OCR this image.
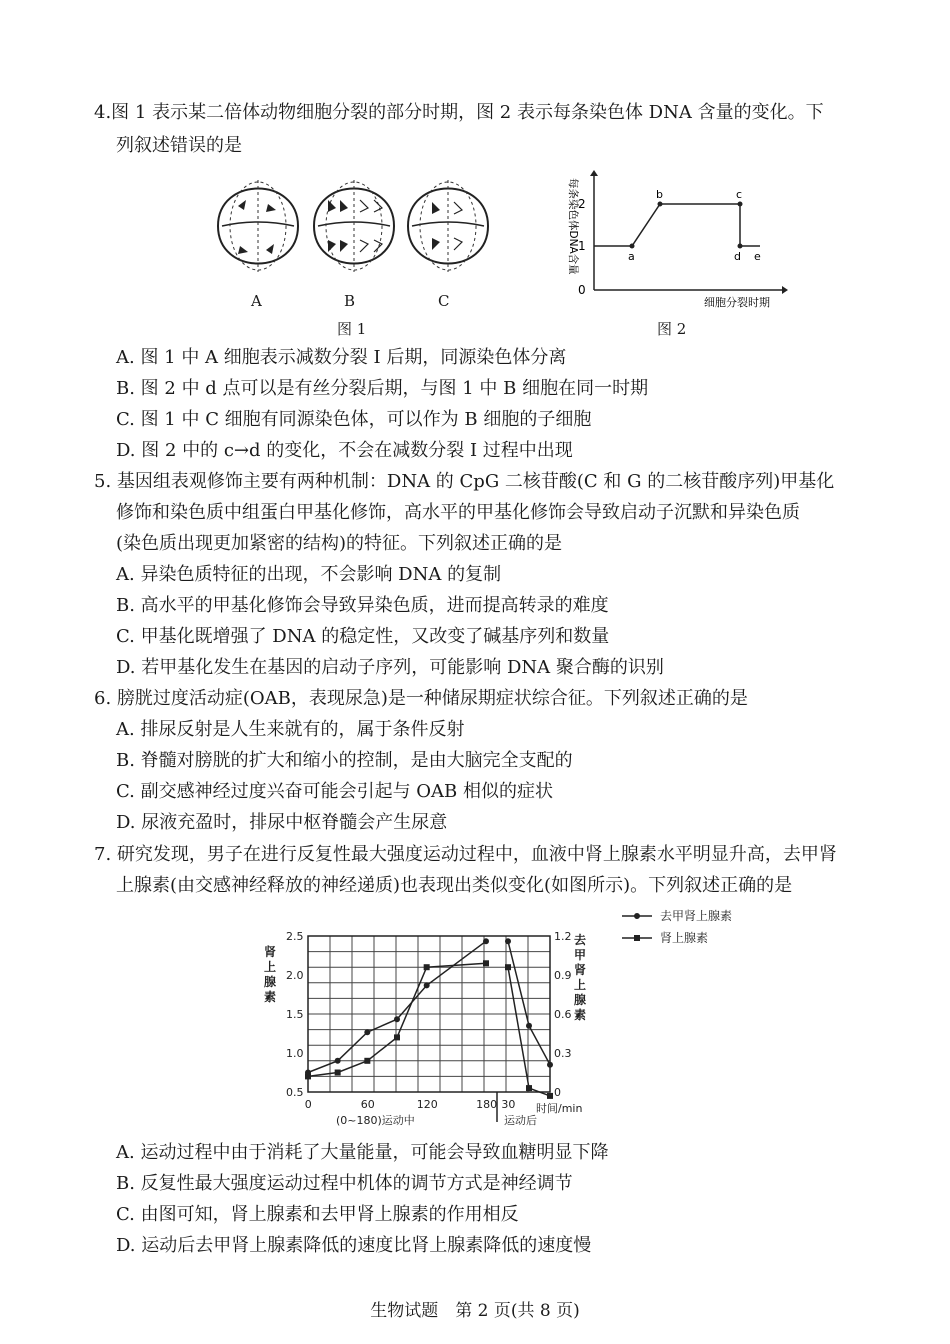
4.图 1 表示某二倍体动物细胞分裂的部分时期，图 2 表示每条染色体 DNA 含量的变化。下
列叙述错误的是
A	B	C
图 1
0
1
2
a
b	c
d e
细胞分裂时期
每条染色体DNA含量
图 2
A. 图 1 中 A 细胞表示减数分裂 Ⅰ 后期，同源染色体分离
B. 图 2 中 d 点可以是有丝分裂后期，与图 1 中 B 细胞在同一时期
C. 图 1 中 C 细胞有同源染色体，可以作为 B 细胞的子细胞
D. 图 2 中的 c→d 的变化，不会在减数分裂 Ⅰ 过程中出现
5. 基因组表观修饰主要有两种机制：DNA 的 CpG 二核苷酸(C 和 G 的二核苷酸序列)甲基化
修饰和染色质中组蛋白甲基化修饰，高水平的甲基化修饰会导致启动子沉默和异染色质
(染色质出现更加紧密的结构)的特征。下列叙述正确的是
A. 异染色质特征的出现，不会影响 DNA 的复制
B. 高水平的甲基化修饰会导致异染色质，进而提高转录的难度
C. 甲基化既增强了 DNA 的稳定性，又改变了碱基序列和数量
D. 若甲基化发生在基因的启动子序列，可能影响 DNA 聚合酶的识别
6. 膀胱过度活动症(OAB，表现尿急)是一种储尿期症状综合征。下列叙述正确的是
A. 排尿反射是人生来就有的，属于条件反射
B. 脊髓对膀胱的扩大和缩小的控制，是由大脑完全支配的
C. 副交感神经过度兴奋可能会引起与 OAB 相似的症状
D. 尿液充盈时，排尿中枢脊髓会产生尿意
7. 研究发现，男子在进行反复性最大强度运动过程中，血液中肾上腺素水平明显升高，去甲肾
上腺素(由交感神经释放的神经递质)也表现出类似变化(如图所示)。下列叙述正确的是
0.5
1.0
1.5
2.0
2.5
0
0.3
0.6
0.9
1.2
0	60	120	180 30
(0~180)运动中	运动后
时间/min
肾
上
腺
素
去
甲
肾
上
腺
素
去甲肾上腺素
肾上腺素
A. 运动过程中由于消耗了大量能量，可能会导致血糖明显下降
B. 反复性最大强度运动过程中机体的调节方式是神经调节
C. 由图可知，肾上腺素和去甲肾上腺素的作用相反
D. 运动后去甲肾上腺素降低的速度比肾上腺素降低的速度慢
生物试题　第 2 页(共 8 页)
